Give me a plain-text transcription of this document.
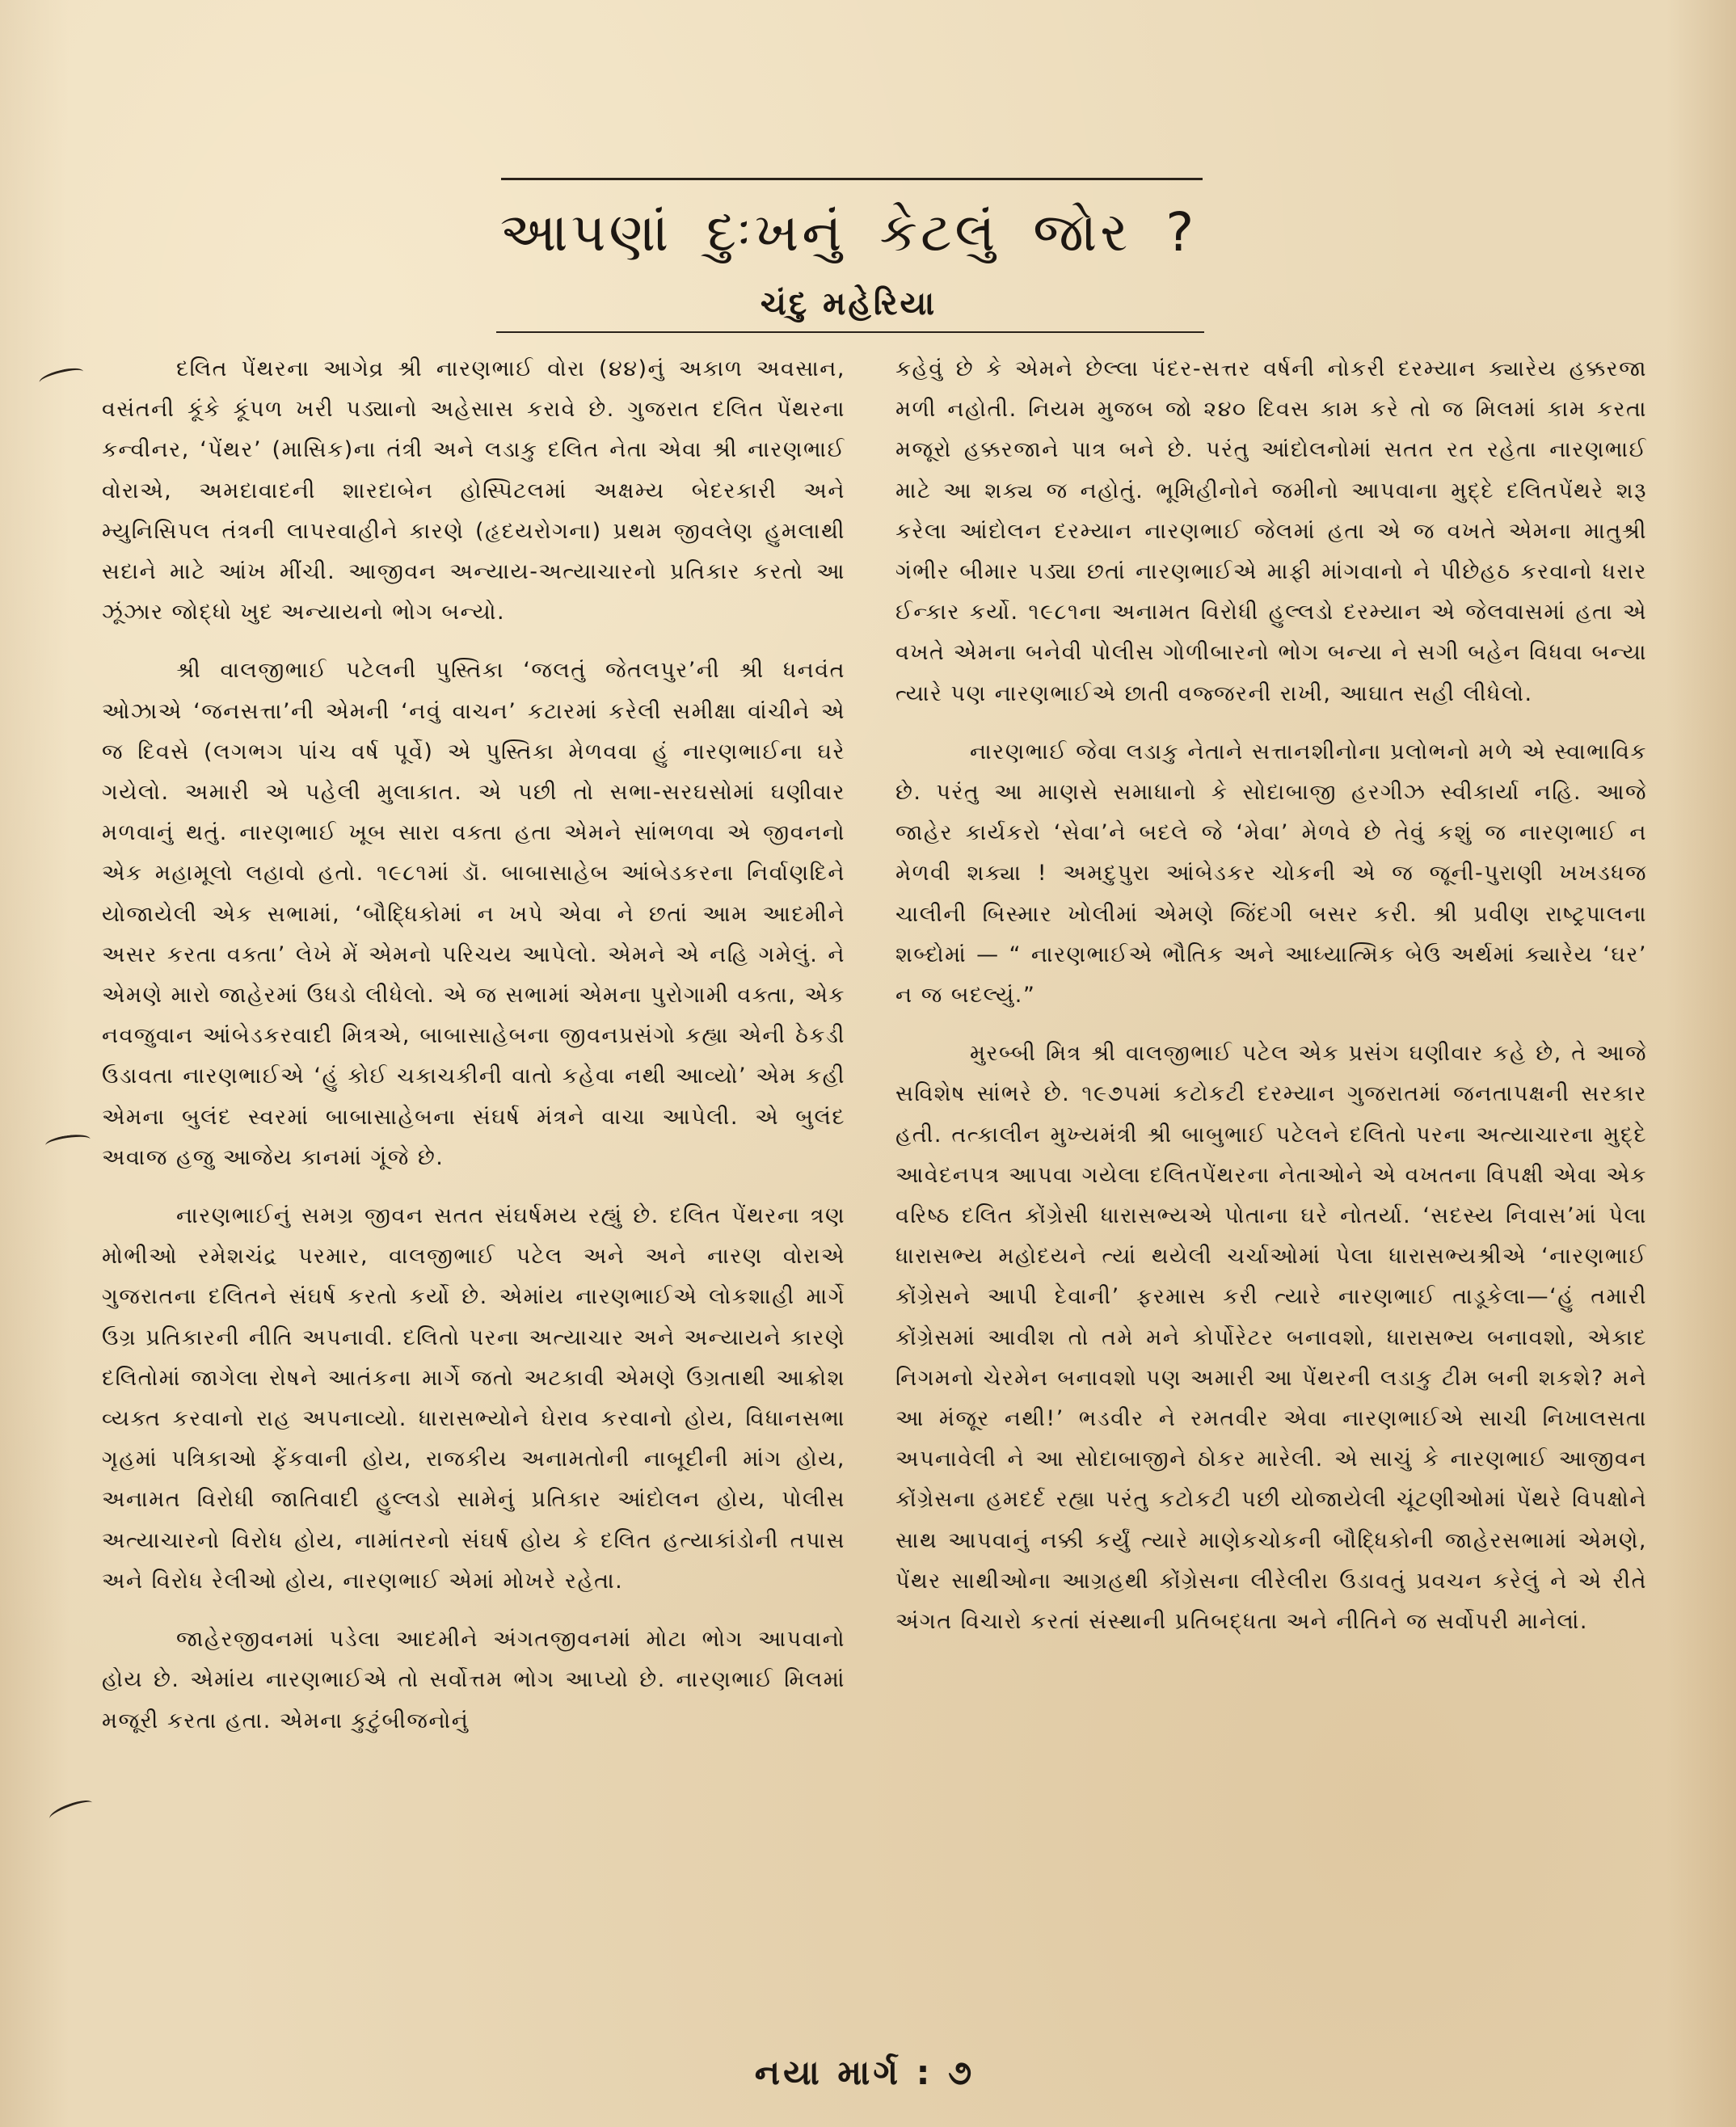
આપણાં દુઃખનું કેટલું જોર ?
ચંદુ મહેરિયા

દલિત પેંથરના આગેવ્ર શ્રી નારણભાઈ વોરા (૪૪)નું અકાળ અવસાન, વસંતની કૂંકે કૂંપળ ખરી પડ્યાનો અહેસાસ કરાવે છે. ગુજરાત દલિત પેંથરના કન્વીનર, ‘પેંથર’ (માસિક)ના તંત્રી અને લડાકુ દલિત નેતા એવા શ્રી નારણભાઈ વોરાએ, અમદાવાદની શારદાબેન હોસ્પિટલમાં અક્ષમ્ય બેદરકારી અને મ્યુનિસિપલ તંત્રની લાપરવાહીને કારણે (હૃદયરોગના) પ્રથમ જીવલેણ હુમલાથી સદાને માટે આંખ મીંચી. આજીવન અન્યાય-અત્યાચારનો પ્રતિકાર કરતો આ ઝૂંઝાર જોદ્ધો ખુદ અન્યાયનો ભોગ બન્યો.

શ્રી વાલજીભાઈ પટેલની પુસ્તિકા ‘જલતું જેતલપુર’ની શ્રી ધનવંત ઓઝાએ ‘જનસત્તા’ની એમની ‘નવું વાચન’ કટારમાં કરેલી સમીક્ષા વાંચીને એ જ દિવસે (લગભગ પાંચ વર્ષ પૂર્વે) એ પુસ્તિકા મેળવવા હું નારણભાઈના ઘરે ગયેલો. અમારી એ પહેલી મુલાકાત. એ પછી તો સભા-સરઘસોમાં ઘણીવાર મળવાનું થતું. નારણભાઈ ખૂબ સારા વક્તા હતા એમને સાંભળવા એ જીવનનો એક મહામૂલો લહાવો હતો. ૧૯૮૧માં ડૉ. બાબાસાહેબ આંબેડકરના નિર્વાણદિને યોજાયેલી એક સભામાં, ‘બૌદ્ધિકોમાં ન ખપે એવા ને છતાં આમ આદમીને અસર કરતા વક્તા’ લેખે મેં એમનો પરિચય આપેલો. એમને એ નહિ ગમેલું. ને એમણે મારો જાહેરમાં ઉધડો લીધેલો. એ જ સભામાં એમના પુરોગામી વક્તા, એક નવજુવાન આંબેડકરવાદી મિત્રએ, બાબાસાહેબના જીવનપ્રસંગો કહ્યા એની ઠેકડી ઉડાવતા નારણભાઈએ ‘હું કોઈ ચકાચકીની વાતો કહેવા નથી આવ્યો’ એમ કહી એમના બુલંદ સ્વરમાં બાબાસાહેબના સંઘર્ષ મંત્રને વાચા આપેલી. એ બુલંદ અવાજ હજુ આજેય કાનમાં ગૂંજે છે.

નારણભાઈનું સમગ્ર જીવન સતત સંઘર્ષમય રહ્યું છે. દલિત પેંથરના ત્રણ મોભીઓ રમેશચંદ્ર પરમાર, વાલજીભાઈ પટેલ અને અને નારણ વોરાએ ગુજરાતના દલિતને સંઘર્ષ કરતો કર્યો છે. એમાંય નારણભાઈએ લોકશાહી માર્ગે ઉગ્ર પ્રતિકારની નીતિ અપનાવી. દલિતો પરના અત્યાચાર અને અન્યાયને કારણે દલિતોમાં જાગેલા રોષને આતંકના માર્ગે જતો અટકાવી એમણે ઉગ્રતાથી આક્રોશ વ્યક્ત કરવાનો રાહ અપનાવ્યો. ધારાસભ્યોને ઘેરાવ કરવાનો હોય, વિધાનસભા ગૃહમાં પત્રિકાઓ ફેંકવાની હોય, રાજકીય અનામતોની નાબૂદીની માંગ હોય, અનામત વિરોધી જાતિવાદી હુલ્લડો સામેનું પ્રતિકાર આંદોલન હોય, પોલીસ અત્યાચારનો વિરોધ હોય, નામાંતરનો સંઘર્ષ હોય કે દલિત હત્યાકાંડોની તપાસ અને વિરોધ રેલીઓ હોય, નારણભાઈ એમાં મોખરે રહેતા.

જાહેરજીવનમાં પડેલા આદમીને અંગતજીવનમાં મોટા ભોગ આપવાનો હોય છે. એમાંય નારણભાઈએ તો સર્વોત્તમ ભોગ આપ્યો છે. નારણભાઈ મિલમાં મજૂરી કરતા હતા. એમના કુટુંબીજનોનું

કહેવું છે કે એમને છેલ્લા પંદર-સત્તર વર્ષની નોકરી દરમ્યાન ક્યારેય હક્કરજા મળી નહોતી. નિયમ મુજબ જો ૨૪૦ દિવસ કામ કરે તો જ મિલમાં કામ કરતા મજૂરો હક્કરજાને પાત્ર બને છે. પરંતુ આંદોલનોમાં સતત રત રહેતા નારણભાઈ માટે આ શક્ય જ નહોતું. ભૂમિહીનોને જમીનો આપવાના મુદ્દે દલિતપેંથરે શરૂ કરેલા આંદોલન દરમ્યાન નારણભાઈ જેલમાં હતા એ જ વખતે એમના માતુશ્રી ગંભીર બીમાર પડ્યા છતાં નારણભાઈએ માફી માંગવાનો ને પીછેહઠ કરવાનો ધરાર ઈન્કાર કર્યો. ૧૯૮૧ના અનામત વિરોધી હુલ્લડો દરમ્યાન એ જેલવાસમાં હતા એ વખતે એમના બનેવી પોલીસ ગોળીબારનો ભોગ બન્યા ને સગી બહેન વિધવા બન્યા ત્યારે પણ નારણભાઈએ છાતી વજ્જરની રાખી, આઘાત સહી લીધેલો.

નારણભાઈ જેવા લડાકુ નેતાને સત્તાનશીનોના પ્રલોભનો મળે એ સ્વાભાવિક છે. પરંતુ આ માણસે સમાધાનો કે સોદાબાજી હરગીઝ સ્વીકાર્યા નહિ. આજે જાહેર કાર્યકરો ‘સેવા’ને બદલે જે ‘મેવા’ મેળવે છે તેવું કશું જ નારણભાઈ ન મેળવી શક્યા ! અમદુપુરા આંબેડકર ચોકની એ જ જૂની-પુરાણી ખખડધજ ચાલીની બિસ્માર ખોલીમાં એમણે જિંદગી બસર કરી. શ્રી પ્રવીણ રાષ્ટ્રપાલના શબ્દોમાં — “ નારણભાઈએ ભૌતિક અને આધ્યાત્મિક બેઉ અર્થમાં ક્યારેય ‘ઘર’ ન જ બદલ્યું.”

મુરબ્બી મિત્ર શ્રી વાલજીભાઈ પટેલ એક પ્રસંગ ઘણીવાર કહે છે, તે આજે સવિશેષ સાંભરે છે. ૧૯૭૫માં કટોકટી દરમ્યાન ગુજરાતમાં જનતાપક્ષની સરકાર હતી. તત્કાલીન મુખ્યમંત્રી શ્રી બાબુભાઈ પટેલને દલિતો પરના અત્યાચારના મુદ્દે આવેદનપત્ર આપવા ગયેલા દલિતપેંથરના નેતાઓને એ વખતના વિપક્ષી એવા એક વરિષ્ઠ દલિત કોંગ્રેસી ધારાસભ્યએ પોતાના ઘરે નોતર્યા. ‘સદસ્ય નિવાસ’માં પેલા ધારાસભ્ય મહોદયને ત્યાં થયેલી ચર્ચાઓમાં પેલા ધારાસભ્યશ્રીએ ‘નારણભાઈ કોંગ્રેસને આપી દેવાની’ ફરમાસ કરી ત્યારે નારણભાઈ તાડૂકેલા—‘હું તમારી કોંગ્રેસમાં આવીશ તો તમે મને કોર્પોરેટર બનાવશો, ધારાસભ્ય બનાવશો, એકાદ નિગમનો ચેરમેન બનાવશો પણ અમારી આ પેંથરની લડાકુ ટીમ બની શકશે? મને આ મંજૂર નથી!’ ભડવીર ને રમતવીર એવા નારણભાઈએ સાચી નિખાલસતા અપનાવેલી ને આ સોદાબાજીને ઠોકર મારેલી. એ સાચું કે નારણભાઈ આજીવન કોંગ્રેસના હમદર્દ રહ્યા પરંતુ કટોકટી પછી યોજાયેલી ચૂંટણીઓમાં પેંથરે વિપક્ષોને સાથ આપવાનું નક્કી કર્યું ત્યારે માણેકચોકની બૌદ્ધિકોની જાહેરસભામાં એમણે, પેંથર સાથીઓના આગ્રહથી કોંગ્રેસના લીરેલીરા ઉડાવતું પ્રવચન કરેલું ને એ રીતે અંગત વિચારો કરતાં સંસ્થાની પ્રતિબદ્ધતા અને નીતિને જ સર્વોપરી માનેલાં.

નયા માર્ગ : ૭
